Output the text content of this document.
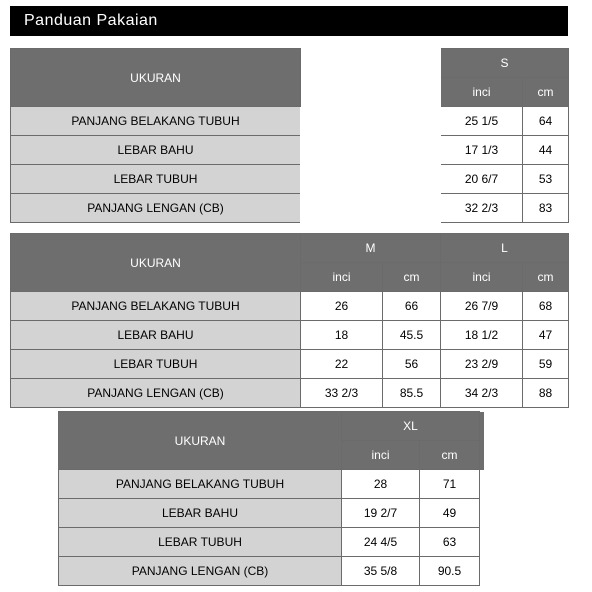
Panduan Pakaian
UKURAN		S	
		inci	cm
PANJANG BELAKANG TUBUH		25 1/5	64
LEBAR BAHU		17 1/3	44
LEBAR TUBUH		20 6/7	53
PANJANG LENGAN (CB)		32 2/3	83
UKURAN	M		L	
	inci	cm	inci	cm
PANJANG BELAKANG TUBUH	26	66	26 7/9	68
LEBAR BAHU	18	45.5	18 1/2	47
LEBAR TUBUH	22	56	23 2/9	59
PANJANG LENGAN (CB)	33 2/3	85.5	34 2/3	88
UKURAN	XL		
	inci	cm	
PANJANG BELAKANG TUBUH	28	71	
LEBAR BAHU	19 2/7	49	
LEBAR TUBUH	24 4/5	63	
PANJANG LENGAN (CB)	35 5/8	90.5	
